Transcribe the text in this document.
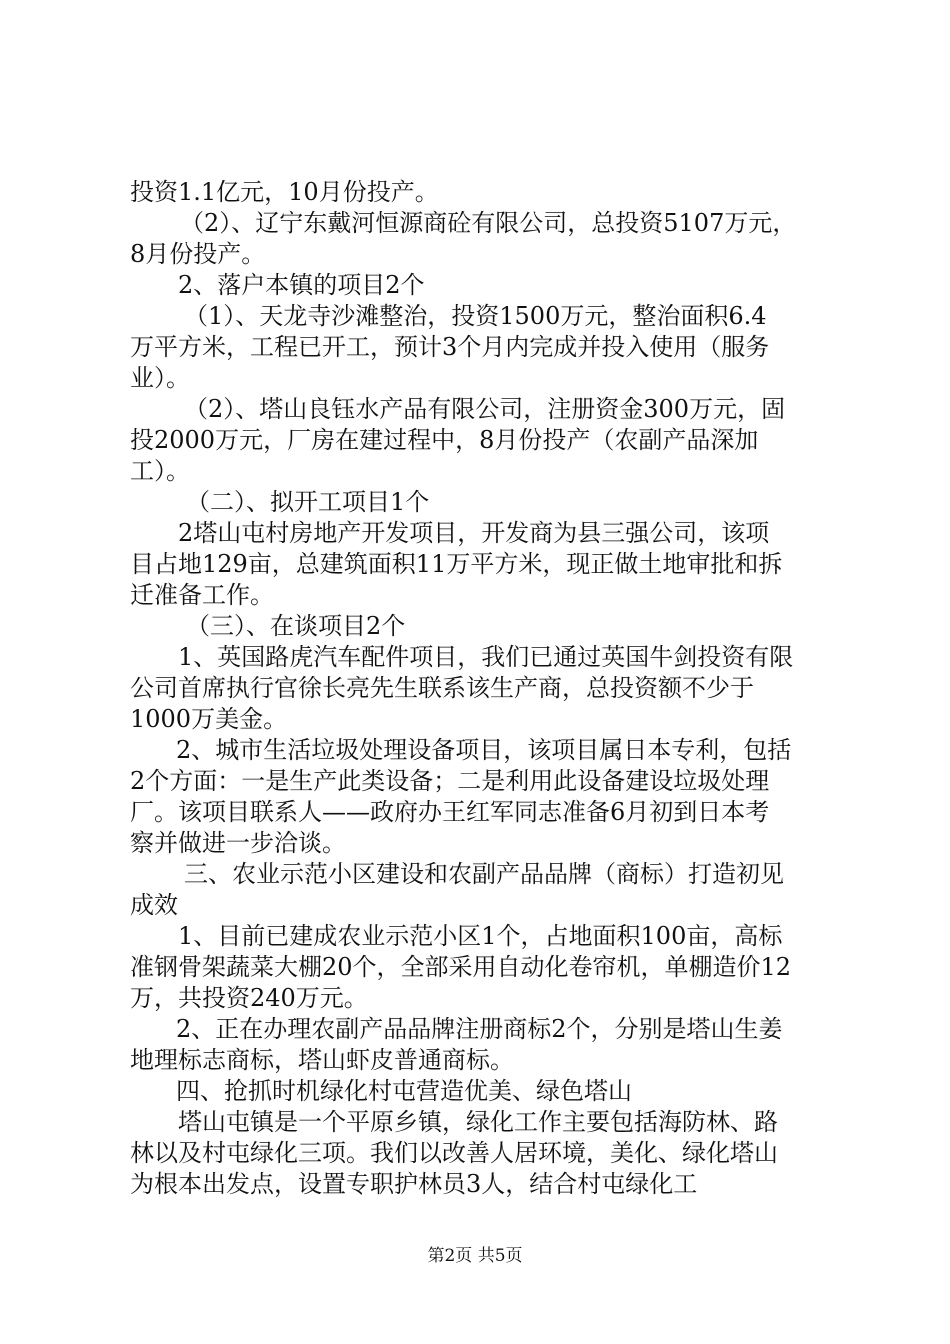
投资1.1亿元，10月份投产。
（2）、辽宁东戴河恒源商砼有限公司，总投资5107万元，
8月份投产。
2、落户本镇的项目2个
（1）、天龙寺沙滩整治，投资1500万元，整治面积6.4
万平方米，工程已开工，预计3个月内完成并投入使用（服务
业）。
（2）、塔山良钰水产品有限公司，注册资金300万元，固
投2000万元，厂房在建过程中，8月份投产（农副产品深加
工）。
（二）、拟开工项目1个
2塔山屯村房地产开发项目，开发商为县三强公司，该项
目占地129亩，总建筑面积11万平方米，现正做土地审批和拆
迁准备工作。
（三）、在谈项目2个
1、英国路虎汽车配件项目，我们已通过英国牛剑投资有限
公司首席执行官徐长亮先生联系该生产商，总投资额不少于
1000万美金。
2、城市生活垃圾处理设备项目，该项目属日本专利，包括
2个方面：一是生产此类设备；二是利用此设备建设垃圾处理
厂。该项目联系人——政府办王红军同志准备6月初到日本考
察并做进一步洽谈。
三、农业示范小区建设和农副产品品牌（商标）打造初见
成效
1、目前已建成农业示范小区1个，占地面积100亩，高标
准钢骨架蔬菜大棚20个，全部采用自动化卷帘机，单棚造价12
万，共投资240万元。
2、正在办理农副产品品牌注册商标2个，分别是塔山生姜
地理标志商标，塔山虾皮普通商标。
四、抢抓时机绿化村屯营造优美、绿色塔山
塔山屯镇是一个平原乡镇，绿化工作主要包括海防林、路
林以及村屯绿化三项。我们以改善人居环境，美化、绿化塔山
为根本出发点，设置专职护林员3人，结合村屯绿化工
第2页 共5页
